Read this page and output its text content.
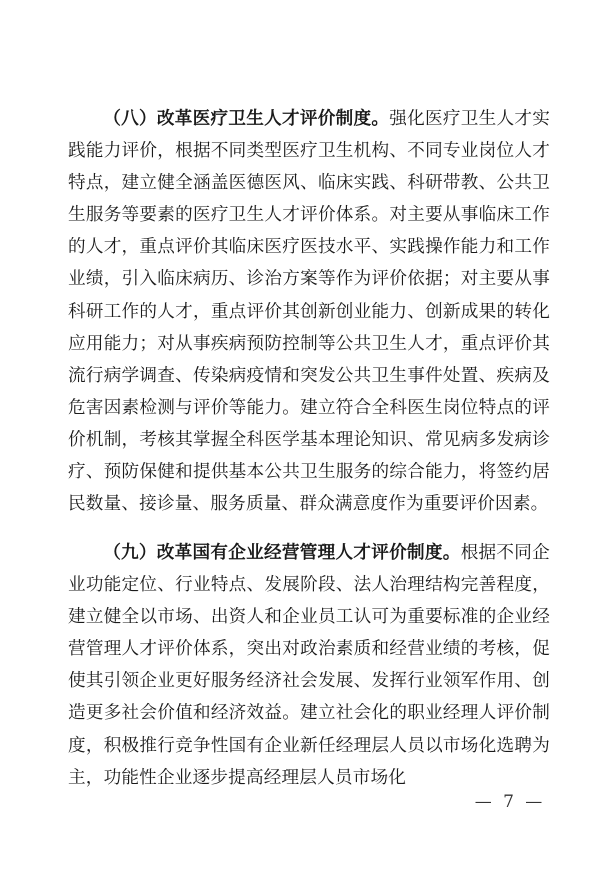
（八）改革医疗卫生人才评价制度。强化医疗卫生人才实践能力评价，根据不同类型医疗卫生机构、不同专业岗位人才特点，建立健全涵盖医德医风、临床实践、科研带教、公共卫生服务等要素的医疗卫生人才评价体系。对主要从事临床工作的人才，重点评价其临床医疗医技水平、实践操作能力和工作业绩，引入临床病历、诊治方案等作为评价依据；对主要从事科研工作的人才，重点评价其创新创业能力、创新成果的转化应用能力；对从事疾病预防控制等公共卫生人才，重点评价其流行病学调查、传染病疫情和突发公共卫生事件处置、疾病及危害因素检测与评价等能力。建立符合全科医生岗位特点的评价机制，考核其掌握全科医学基本理论知识、常见病多发病诊疗、预防保健和提供基本公共卫生服务的综合能力，将签约居民数量、接诊量、服务质量、群众满意度作为重要评价因素。

（九）改革国有企业经营管理人才评价制度。根据不同企业功能定位、行业特点、发展阶段、法人治理结构完善程度，建立健全以市场、出资人和企业员工认可为重要标准的企业经营管理人才评价体系，突出对政治素质和经营业绩的考核，促使其引领企业更好服务经济社会发展、发挥行业领军作用、创造更多社会价值和经济效益。建立社会化的职业经理人评价制度，积极推行竞争性国有企业新任经理层人员以市场化选聘为主，功能性企业逐步提高经理层人员市场化

— 7 —
